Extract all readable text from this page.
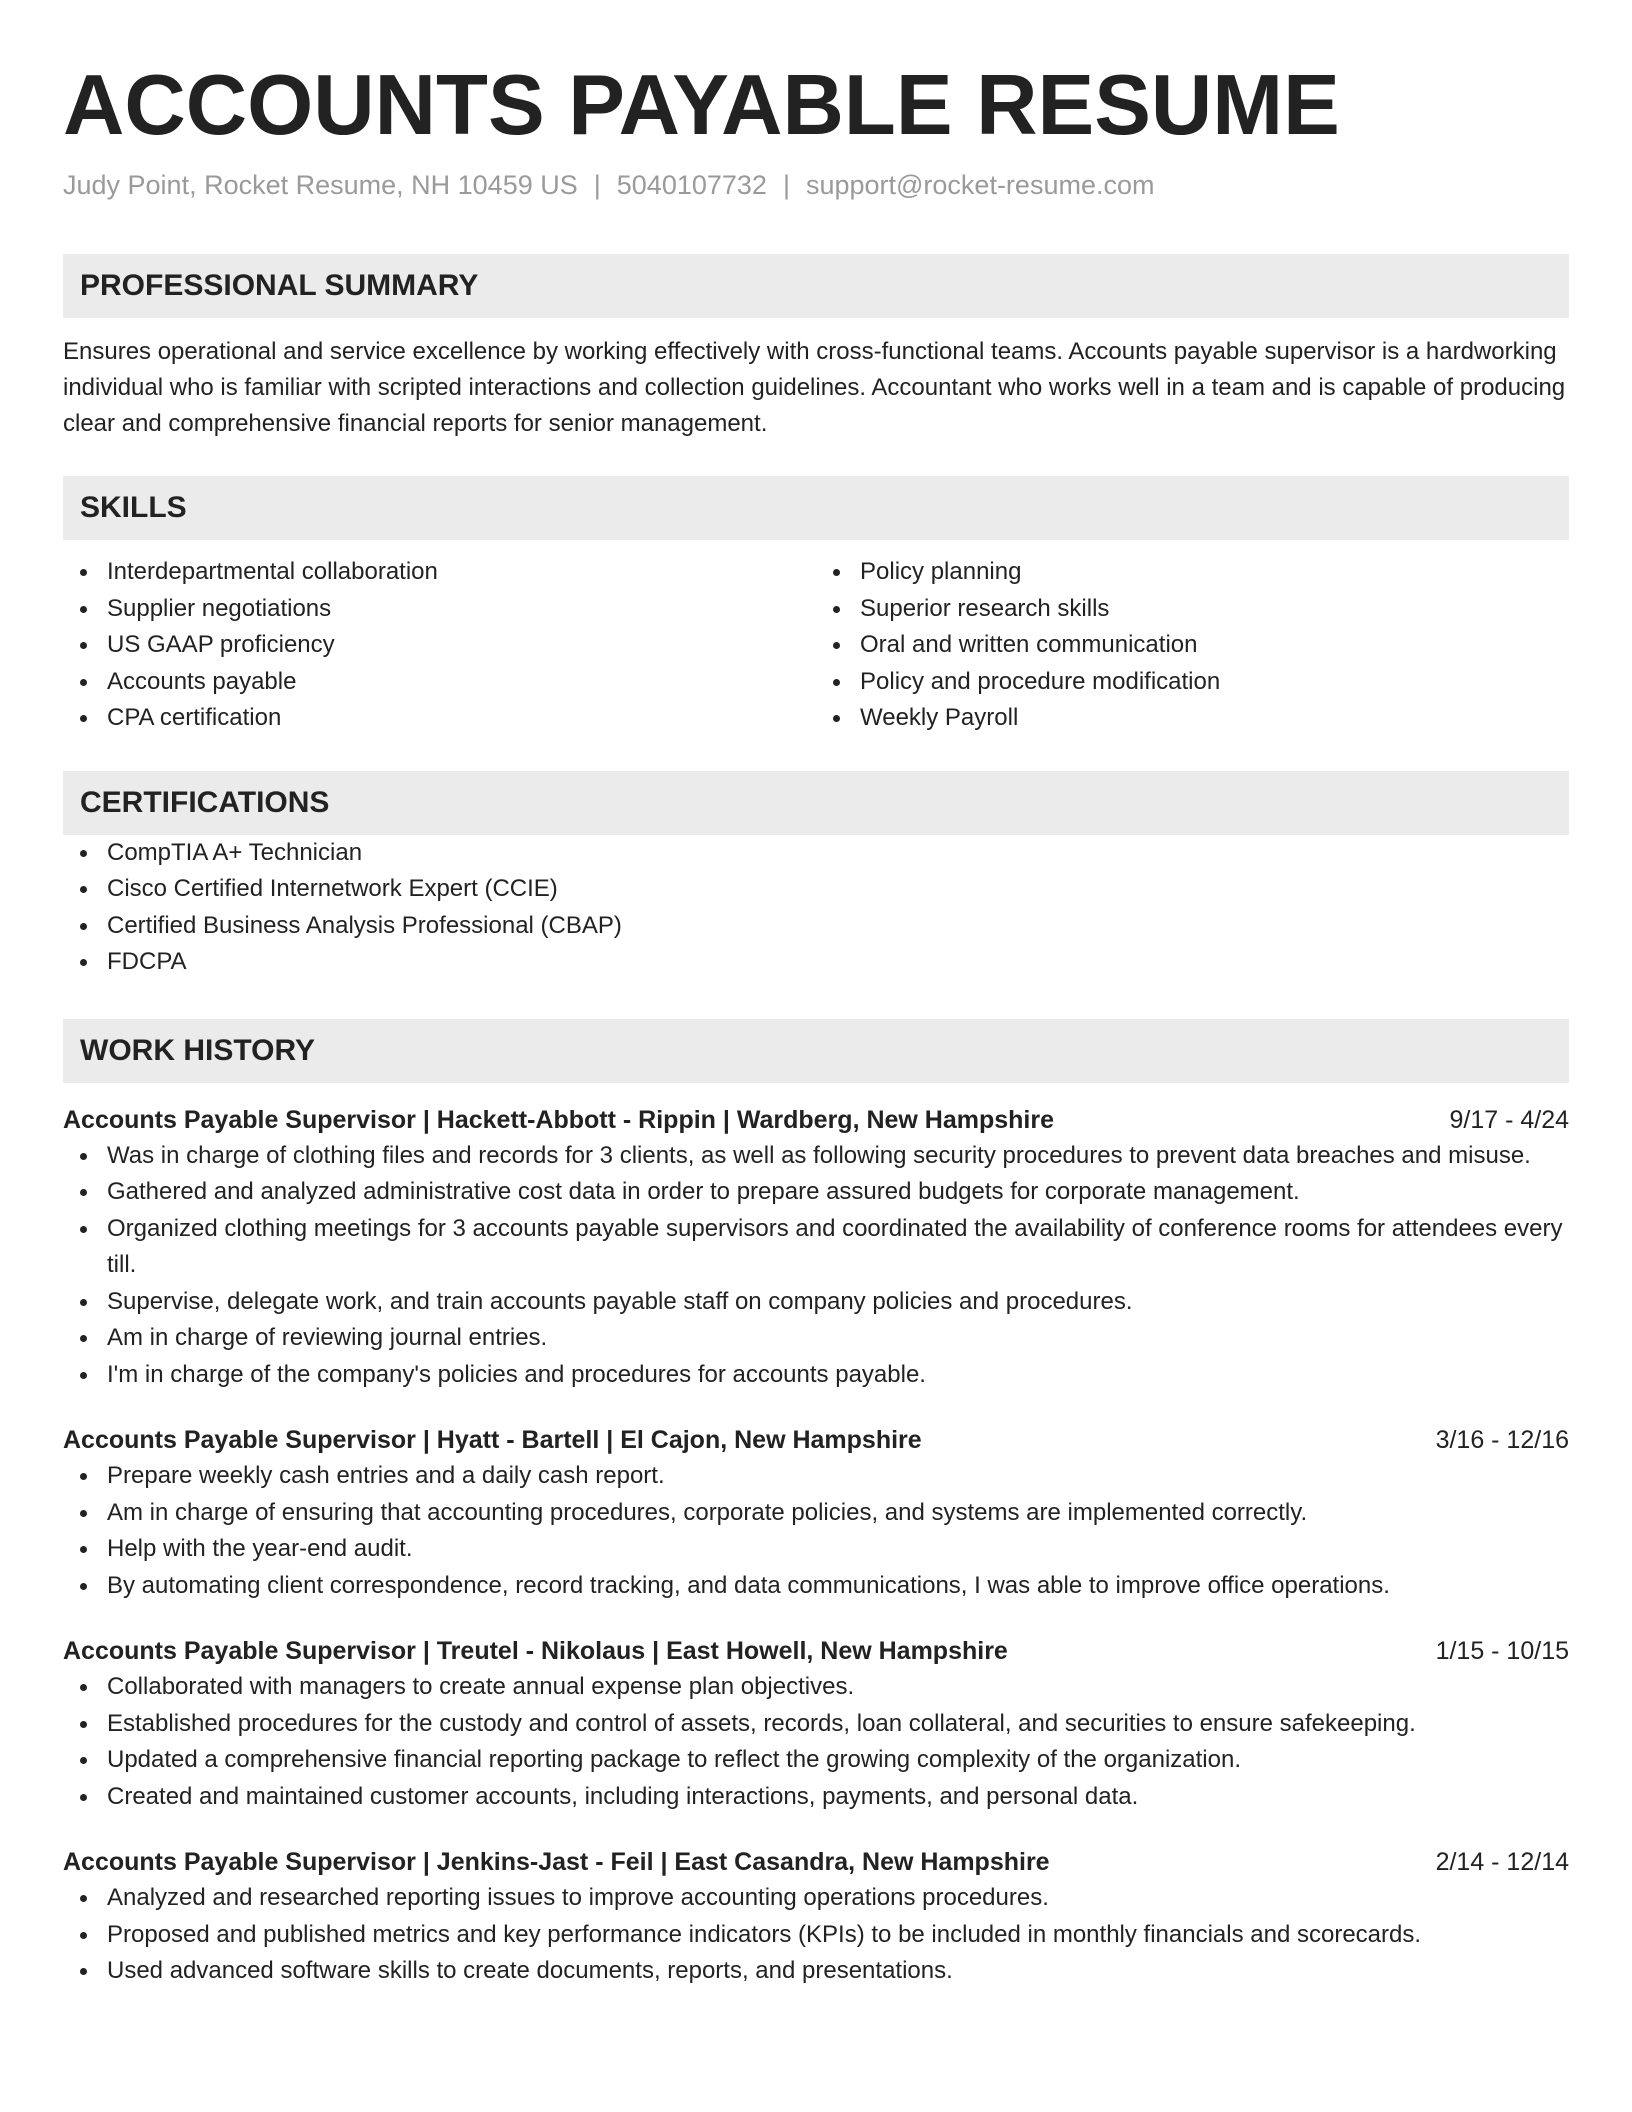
ACCOUNTS PAYABLE RESUME
Judy Point, Rocket Resume, NH 10459 US | 5040107732 | support@rocket-resume.com
PROFESSIONAL SUMMARY

Ensures operational and service excellence by working effectively with cross-functional teams. Accounts payable supervisor is a hardworking individual who is familiar with scripted interactions and collection guidelines. Accountant who works well in a team and is capable of producing clear and comprehensive financial reports for senior management.

SKILLS
Interdepartmental collaboration
Supplier negotiations
US GAAP proficiency
Accounts payable
CPA certification
Policy planning
Superior research skills
Oral and written communication
Policy and procedure modification
Weekly Payroll
CERTIFICATIONS
CompTIA A+ Technician
Cisco Certified Internetwork Expert (CCIE)
Certified Business Analysis Professional (CBAP)
FDCPA
WORK HISTORY
Accounts Payable Supervisor | Hackett-Abbott - Rippin | Wardberg, New Hampshire	9/17 - 4/24
Was in charge of clothing files and records for 3 clients, as well as following security procedures to prevent data breaches and misuse.
Gathered and analyzed administrative cost data in order to prepare assured budgets for corporate management.
Organized clothing meetings for 3 accounts payable supervisors and coordinated the availability of conference rooms for attendees every till.
Supervise, delegate work, and train accounts payable staff on company policies and procedures.
Am in charge of reviewing journal entries.
I'm in charge of the company's policies and procedures for accounts payable.
Accounts Payable Supervisor | Hyatt - Bartell | El Cajon, New Hampshire	3/16 - 12/16
Prepare weekly cash entries and a daily cash report.
Am in charge of ensuring that accounting procedures, corporate policies, and systems are implemented correctly.
Help with the year-end audit.
By automating client correspondence, record tracking, and data communications, I was able to improve office operations.
Accounts Payable Supervisor | Treutel - Nikolaus | East Howell, New Hampshire	1/15 - 10/15
Collaborated with managers to create annual expense plan objectives.
Established procedures for the custody and control of assets, records, loan collateral, and securities to ensure safekeeping.
Updated a comprehensive financial reporting package to reflect the growing complexity of the organization.
Created and maintained customer accounts, including interactions, payments, and personal data.
Accounts Payable Supervisor | Jenkins-Jast - Feil | East Casandra, New Hampshire	2/14 - 12/14
Analyzed and researched reporting issues to improve accounting operations procedures.
Proposed and published metrics and key performance indicators (KPIs) to be included in monthly financials and scorecards.
Used advanced software skills to create documents, reports, and presentations.
